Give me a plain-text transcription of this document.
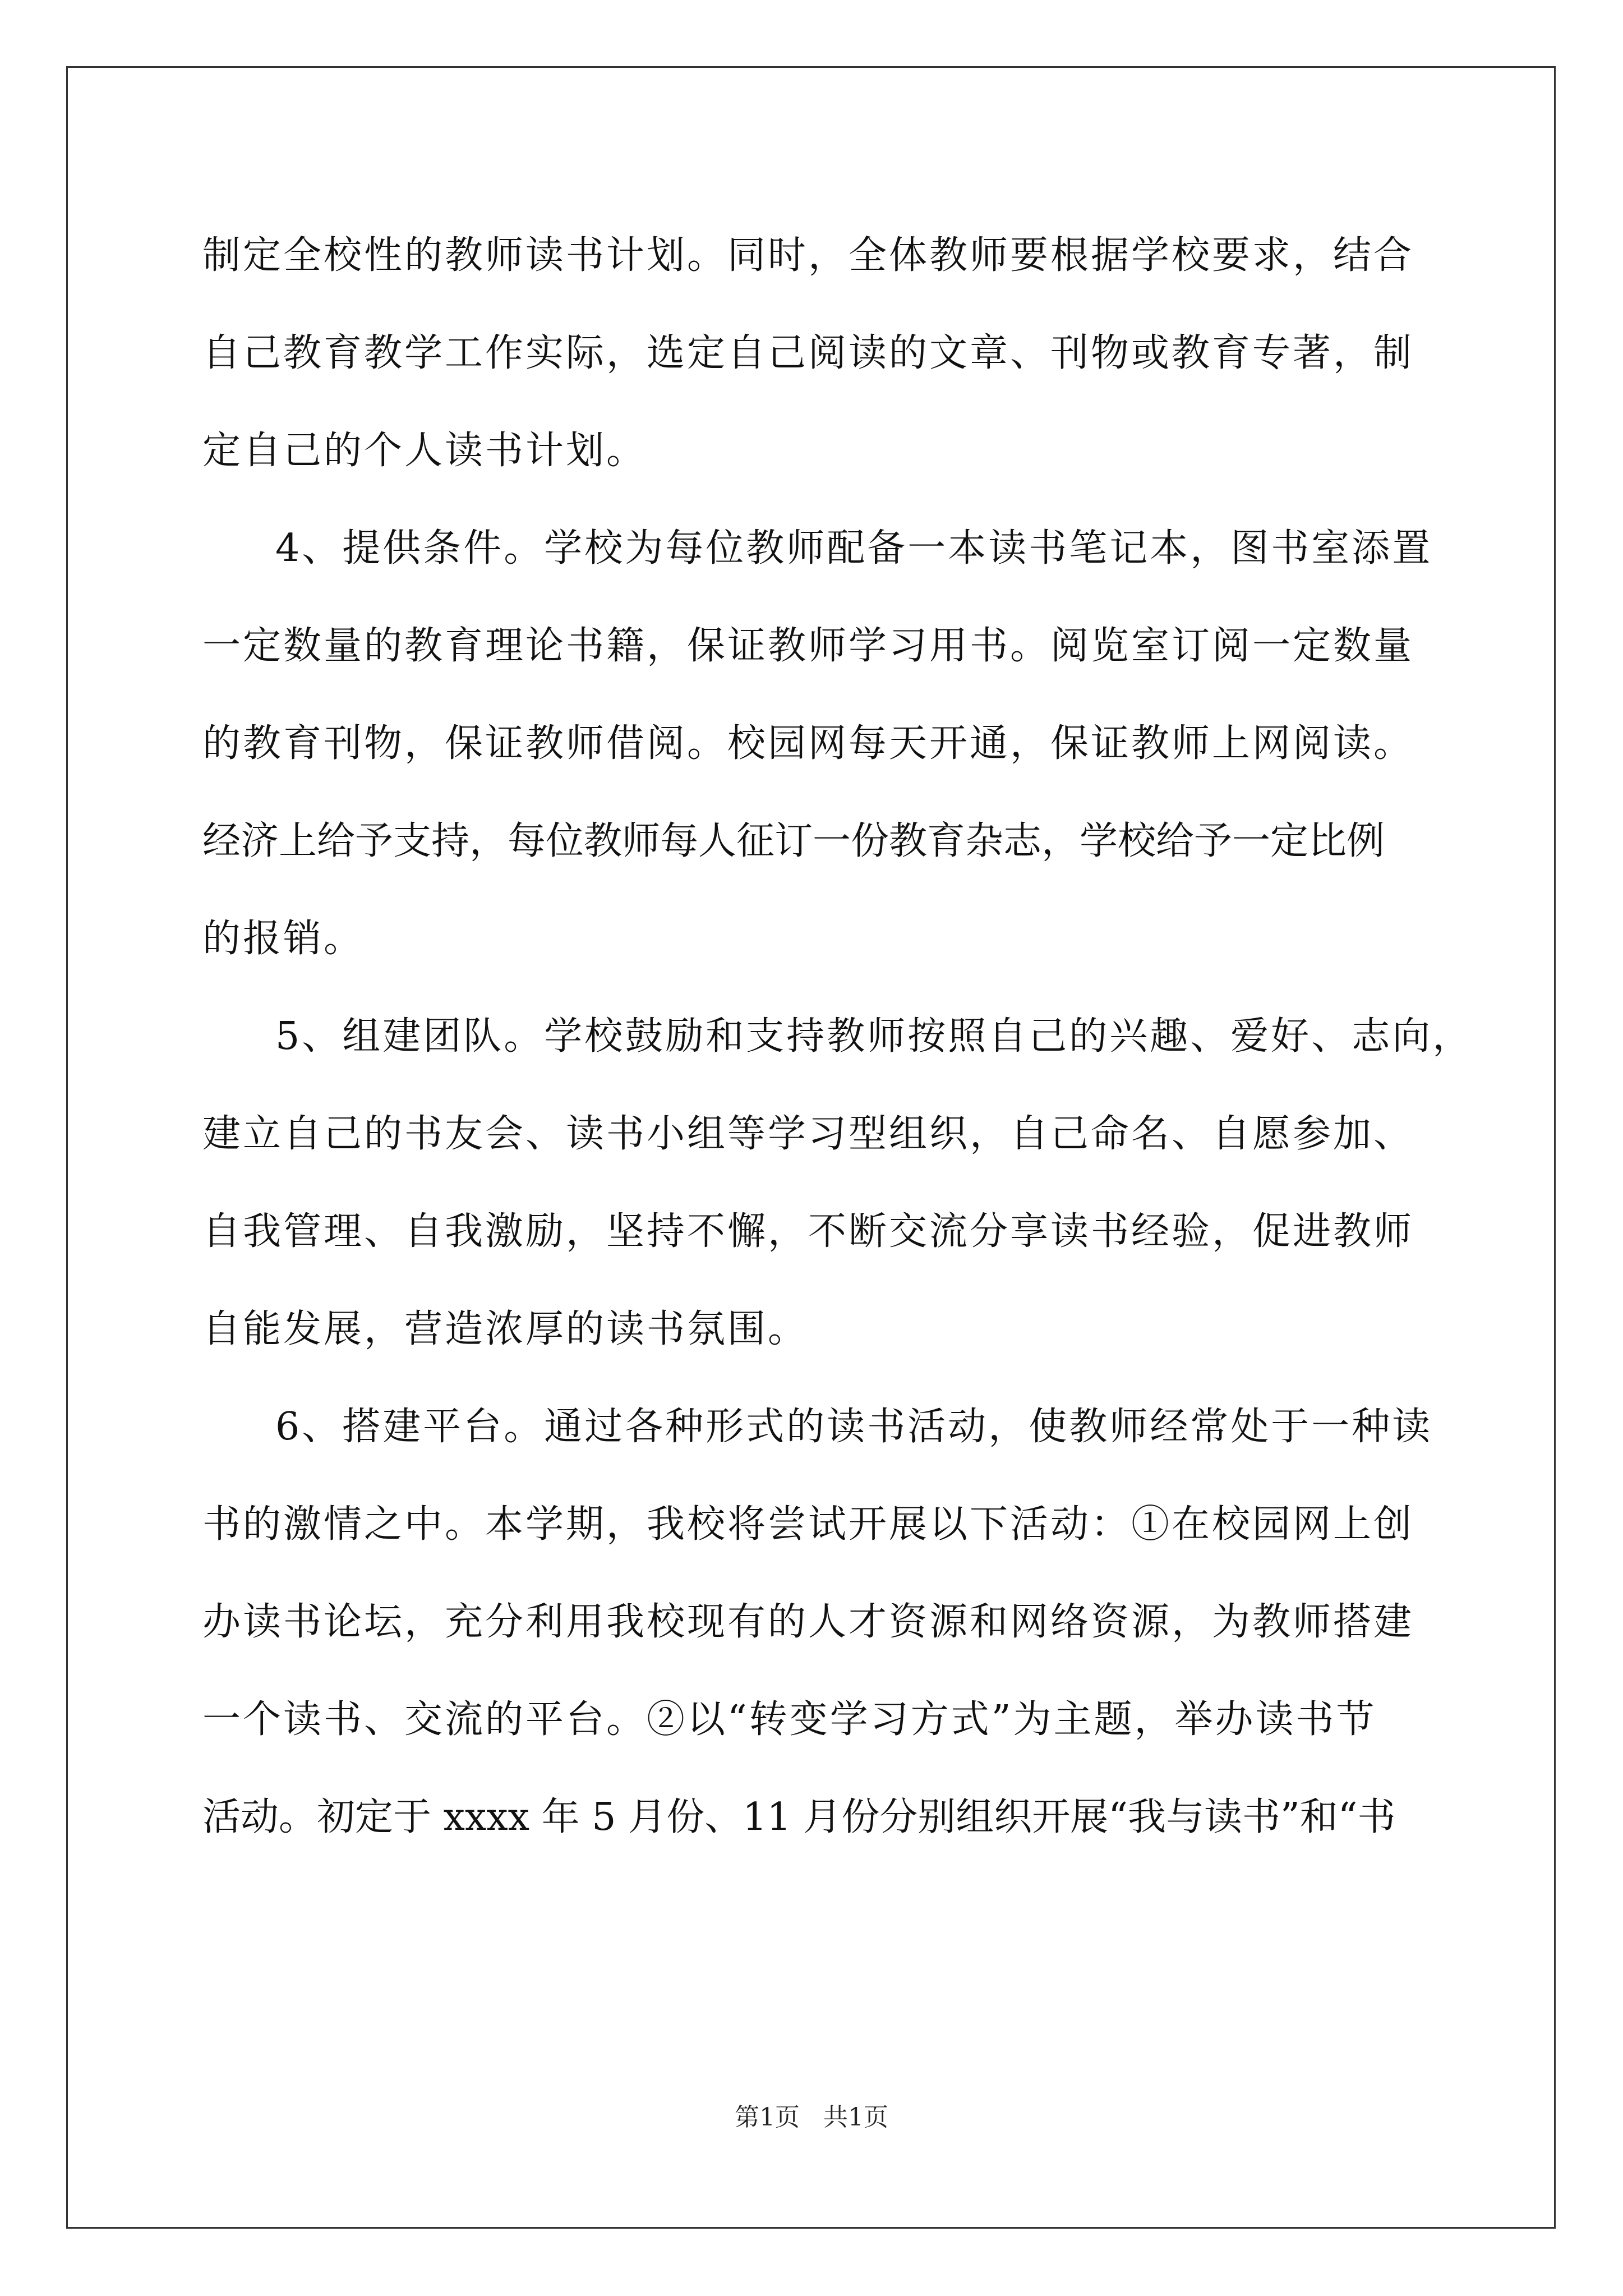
制定全校性的教师读书计划。同时，全体教师要根据学校要求，结合
自己教育教学工作实际，选定自己阅读的文章、刊物或教育专著，制
定自己的个人读书计划。
4、提供条件。学校为每位教师配备一本读书笔记本，图书室添置
一定数量的教育理论书籍，保证教师学习用书。阅览室订阅一定数量
的教育刊物，保证教师借阅。校园网每天开通，保证教师上网阅读。
经济上给予支持，每位教师每人征订一份教育杂志，学校给予一定比例
的报销。
5、组建团队。学校鼓励和支持教师按照自己的兴趣、爱好、志向，
建立自己的书友会、读书小组等学习型组织，自己命名、自愿参加、
自我管理、自我激励，坚持不懈，不断交流分享读书经验，促进教师
自能发展，营造浓厚的读书氛围。
6、搭建平台。通过各种形式的读书活动，使教师经常处于一种读
书的激情之中。本学期，我校将尝试开展以下活动：①在校园网上创
办读书论坛，充分利用我校现有的人才资源和网络资源，为教师搭建
一个读书、交流的平台。②以“转变学习方式”为主题，举办读书节
活动。初定于 xxxx 年 5 月份、11 月份分别组织开展“我与读书”和“书
第1页   共1页
